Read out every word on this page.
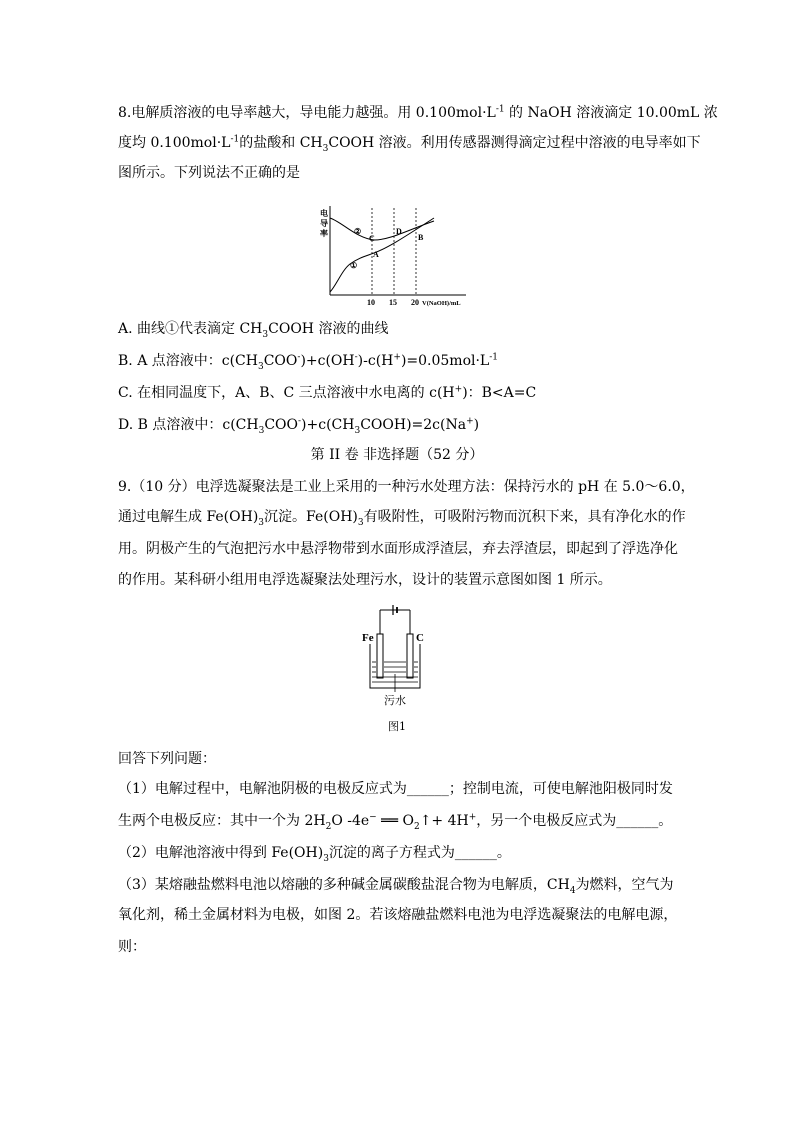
8.电解质溶液的电导率越大，导电能力越强。用 $0.100mol\cdot L^{-1}$ 的 NaOH 溶液滴定 10.00mL 浓
度均 $0.100mol\cdot L^{-1}$的盐酸和 $CH_3COOH$ 溶液。利用传感器测得滴定过程中溶液的电导率如下
图所示。下列说法不正确的是
电
导
率	②
①
A
B
C
D
10 15 20 V(NaOH)/mL
A. 曲线①代表滴定 $CH_3COOH$ 溶液的曲线
B. A 点溶液中：$c(CH_3COO^-)+c(OH^-)-c(H^+)=0.05mol\cdot L^{-1}$
C. 在相同温度下，A、B、C 三点溶液中水电离的 c(H+)：B<A=C
D. B 点溶液中：$c(CH_3COO^-)+c(CH_3COOH)=2c(Na^+)$
第 II 卷 非选择题（52 分）
9.（10 分）电浮选凝聚法是工业上采用的一种污水处理方法：保持污水的 pH 在 5.0～6.0，
通过电解生成 $Fe(OH)_3$沉淀。$Fe(OH)_3$有吸附性，可吸附污物而沉积下来，具有净化水的作
用。阴极产生的气泡把污水中悬浮物带到水面形成浮渣层，弃去浮渣层，即起到了浮选净化
的作用。某科研小组用电浮选凝聚法处理污水，设计的装置示意图如图 1 所示。
Fe	C
污水
图1
回答下列问题：
（1）电解过程中，电解池阴极的电极反应式为______；控制电流，可使电解池阳极同时发
生两个电极反应：其中一个为 $2H_2O$ -4e− ══ $O_2↑+ 4H^+$，另一个电极反应式为______。
（2）电解池溶液中得到 $Fe(OH)_3$沉淀的离子方程式为______。
（3）某熔融盐燃料电池以熔融的多种碱金属碳酸盐混合物为电解质，$CH_4$为燃料，空气为
氧化剂，稀土金属材料为电极，如图 2。若该熔融盐燃料电池为电浮选凝聚法的电解电源，
则：
